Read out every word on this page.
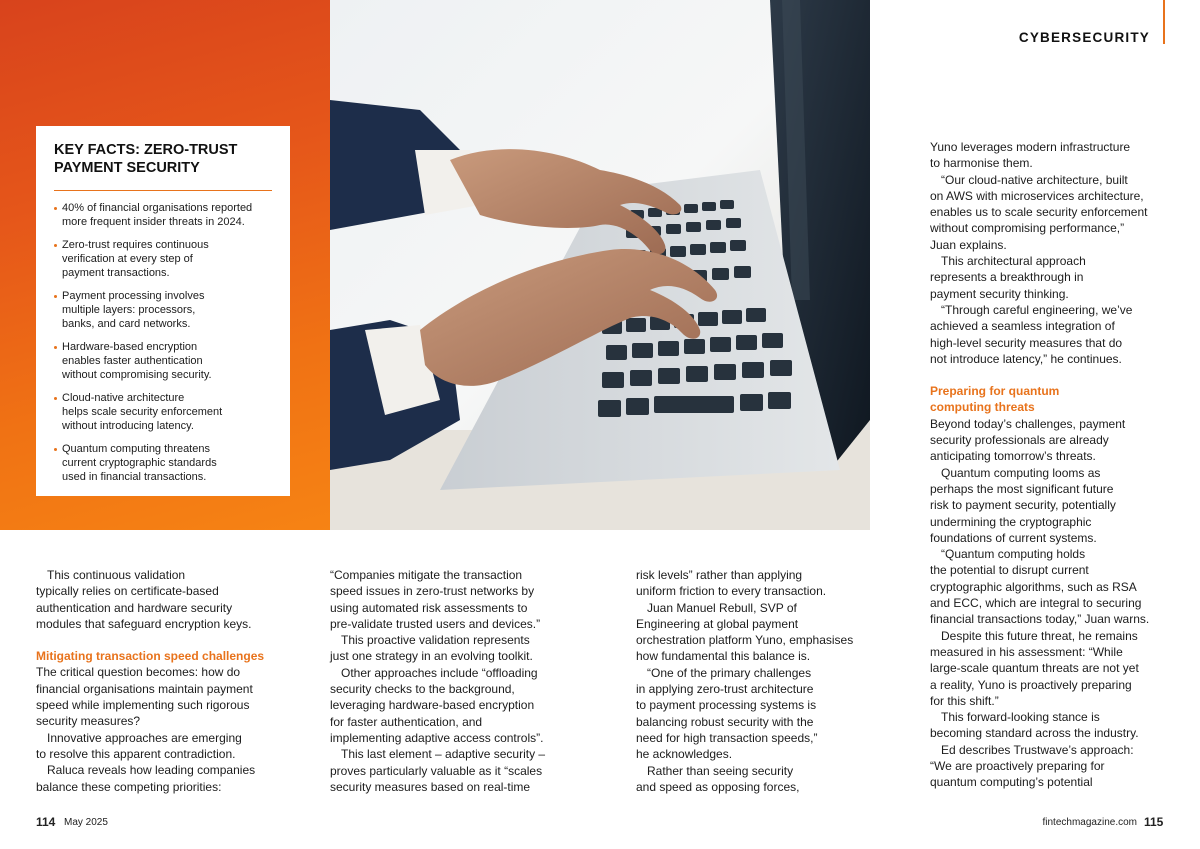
CYBERSECURITY
KEY FACTS: ZERO-TRUST PAYMENT SECURITY
40% of financial organisations reported
more frequent insider threats in 2024.
Zero-trust requires continuous
verification at every step of
payment transactions.
Payment processing involves
multiple layers: processors,
banks, and card networks.
Hardware-based encryption
enables faster authentication
without compromising security.
Cloud-native architecture
helps scale security enforcement
without introducing latency.
Quantum computing threatens
current cryptographic standards
used in financial transactions.

This continuous validation
typically relies on certificate-based
authentication and hardware security
modules that safeguard encryption keys.

Mitigating transaction speed challenges

The critical question becomes: how do
financial organisations maintain payment
speed while implementing such rigorous
security measures?

Innovative approaches are emerging
to resolve this apparent contradiction.

Raluca reveals how leading companies
balance these competing priorities:

“Companies mitigate the transaction
speed issues in zero-trust networks by
using automated risk assessments to
pre-validate trusted users and devices.”

This proactive validation represents
just one strategy in an evolving toolkit.

Other approaches include “offloading
security checks to the background,
leveraging hardware-based encryption
for faster authentication, and
implementing adaptive access controls”.

This last element – adaptive security –
proves particularly valuable as it “scales
security measures based on real-time

risk levels” rather than applying
uniform friction to every transaction.

Juan Manuel Rebull, SVP of
Engineering at global payment
orchestration platform Yuno, emphasises
how fundamental this balance is.

“One of the primary challenges
in applying zero-trust architecture
to payment processing systems is
balancing robust security with the
need for high transaction speeds,”
he acknowledges.

Rather than seeing security
and speed as opposing forces,

Yuno leverages modern infrastructure
to harmonise them.

“Our cloud-native architecture, built
on AWS with microservices architecture,
enables us to scale security enforcement
without compromising performance,”
Juan explains.

This architectural approach
represents a breakthrough in
payment security thinking.

“Through careful engineering, we’ve
achieved a seamless integration of
high-level security measures that do
not introduce latency,” he continues.

Preparing for quantum
computing threats

Beyond today’s challenges, payment
security professionals are already
anticipating tomorrow’s threats.

Quantum computing looms as
perhaps the most significant future
risk to payment security, potentially
undermining the cryptographic
foundations of current systems.

“Quantum computing holds
the potential to disrupt current
cryptographic algorithms, such as RSA
and ECC, which are integral to securing
financial transactions today,” Juan warns.

Despite this future threat, he remains
measured in his assessment: “While
large-scale quantum threats are not yet
a reality, Yuno is proactively preparing
for this shift.”

This forward-looking stance is
becoming standard across the industry.

Ed describes Trustwave’s approach:
“We are proactively preparing for
quantum computing’s potential

114 May 2025	fintechmagazine.com 115
